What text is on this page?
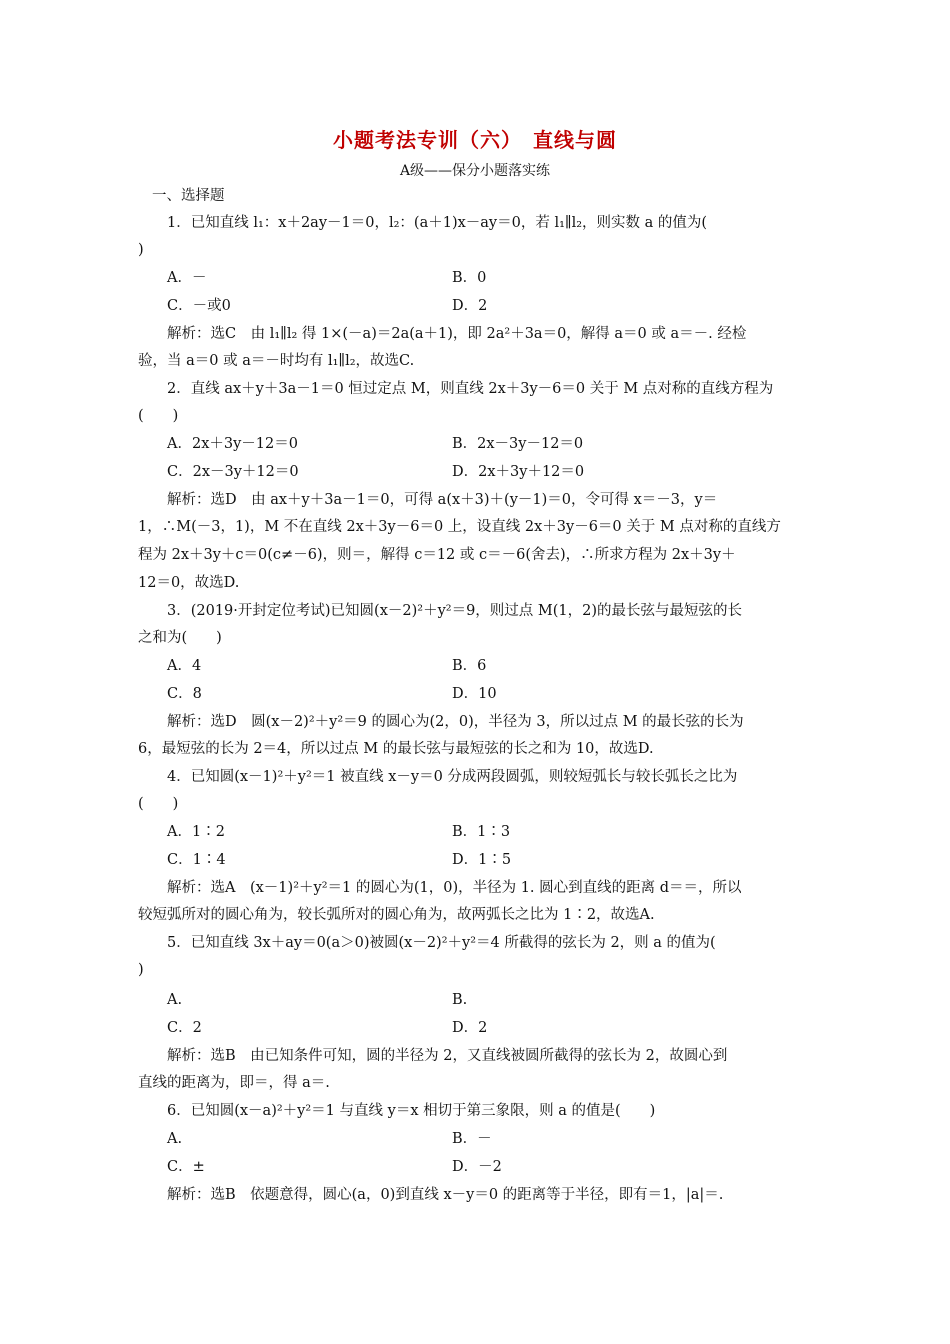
小题考法专训（六）　直线与圆
A级——保分小题落实练
一、选择题
1．已知直线 l₁：x＋2ay－1＝0，l₂：(a＋1)x－ay＝0，若 l₁∥l₂，则实数 a 的值为(
)
A．－	B．0
C．－或0	D．2
解析：选C　由 l₁∥l₂ 得 1×(－a)＝2a(a＋1)，即 2a²＋3a＝0，解得 a＝0 或 a＝－. 经检
验，当 a＝0 或 a＝－时均有 l₁∥l₂，故选C.
2．直线 ax＋y＋3a－1＝0 恒过定点 M，则直线 2x＋3y－6＝0 关于 M 点对称的直线方程为
(　　)
A．2x＋3y－12＝0	B．2x－3y－12＝0
C．2x－3y＋12＝0	D．2x＋3y＋12＝0
解析：选D　由 ax＋y＋3a－1＝0，可得 a(x＋3)＋(y－1)＝0，令可得 x＝－3，y＝
1，∴M(－3，1)，M 不在直线 2x＋3y－6＝0 上，设直线 2x＋3y－6＝0 关于 M 点对称的直线方
程为 2x＋3y＋c＝0(c≠－6)，则＝，解得 c＝12 或 c＝－6(舍去)，∴所求方程为 2x＋3y＋
12＝0，故选D.
3．(2019·开封定位考试)已知圆(x－2)²＋y²＝9，则过点 M(1，2)的最长弦与最短弦的长
之和为(　　)
A．4	B．6
C．8	D．10
解析：选D　圆(x－2)²＋y²＝9 的圆心为(2，0)，半径为 3，所以过点 M 的最长弦的长为
6，最短弦的长为 2＝4，所以过点 M 的最长弦与最短弦的长之和为 10，故选D.
4．已知圆(x－1)²＋y²＝1 被直线 x－y＝0 分成两段圆弧，则较短弧长与较长弧长之比为
(　　)
A．1∶2	B．1∶3
C．1∶4	D．1∶5
解析：选A　(x－1)²＋y²＝1 的圆心为(1，0)，半径为 1. 圆心到直线的距离 d＝＝，所以
较短弧所对的圆心角为，较长弧所对的圆心角为，故两弧长之比为 1∶2，故选A.
5．已知直线 3x＋ay＝0(a＞0)被圆(x－2)²＋y²＝4 所截得的弦长为 2，则 a 的值为(
)
A.	B.
C．2	D．2
解析：选B　由已知条件可知，圆的半径为 2，又直线被圆所截得的弦长为 2，故圆心到
直线的距离为，即＝，得 a＝.
6．已知圆(x－a)²＋y²＝1 与直线 y＝x 相切于第三象限，则 a 的值是(　　)
A.	B．－
C．±	D．－2
解析：选B　依题意得，圆心(a，0)到直线 x－y＝0 的距离等于半径，即有＝1，|a|＝.
